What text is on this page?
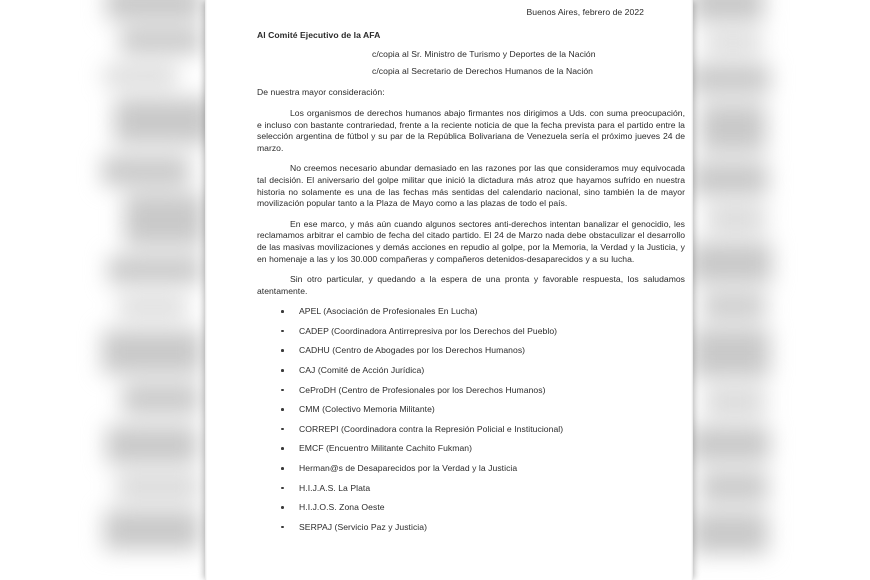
Buenos Aires, febrero de 2022
Al Comité Ejecutivo de la AFA
c/copia al Sr. Ministro de Turismo y Deportes de la Nación
c/copia al Secretario de Derechos Humanos de la Nación
De nuestra mayor consideración:

Los organismos de derechos humanos abajo firmantes nos dirigimos a Uds. con suma preocupación, e incluso con bastante contrariedad, frente a la reciente noticia de que la fecha prevista para el partido entre la selección argentina de fútbol y su par de la República Bolivariana de Venezuela sería el próximo jueves 24 de marzo.

No creemos necesario abundar demasiado en las razones por las que consideramos muy equivocada tal decisión. El aniversario del golpe militar que inició la dictadura más atroz que hayamos sufrido en nuestra historia no solamente es una de las fechas más sentidas del calendario nacional, sino también la de mayor movilización popular tanto a la Plaza de Mayo como a las plazas de todo el país.

En ese marco, y más aún cuando algunos sectores anti-derechos intentan banalizar el genocidio, les reclamamos arbitrar el cambio de fecha del citado partido. El 24 de Marzo nada debe obstaculizar el desarrollo de las masivas movilizaciones y demás acciones en repudio al golpe, por la Memoria, la Verdad y la Justicia, y en homenaje a las y los 30.000 compañeras y compañeros detenidos-desaparecidos y a su lucha.

Sin otro particular, y quedando a la espera de una pronta y favorable respuesta, los saludamos atentamente.

APEL (Asociación de Profesionales En Lucha)
CADEP (Coordinadora Antirrepresiva por los Derechos del Pueblo)
CADHU (Centro de Abogades por los Derechos Humanos)
CAJ (Comité de Acción Jurídica)
CeProDH (Centro de Profesionales por los Derechos Humanos)
CMM (Colectivo Memoria Militante)
CORREPI (Coordinadora contra la Represión Policial e Institucional)
EMCF (Encuentro Militante Cachito Fukman)
Herman@s de Desaparecidos por la Verdad y la Justicia
H.I.J.A.S. La Plata
H.I.J.O.S. Zona Oeste
SERPAJ (Servicio Paz y Justicia)
